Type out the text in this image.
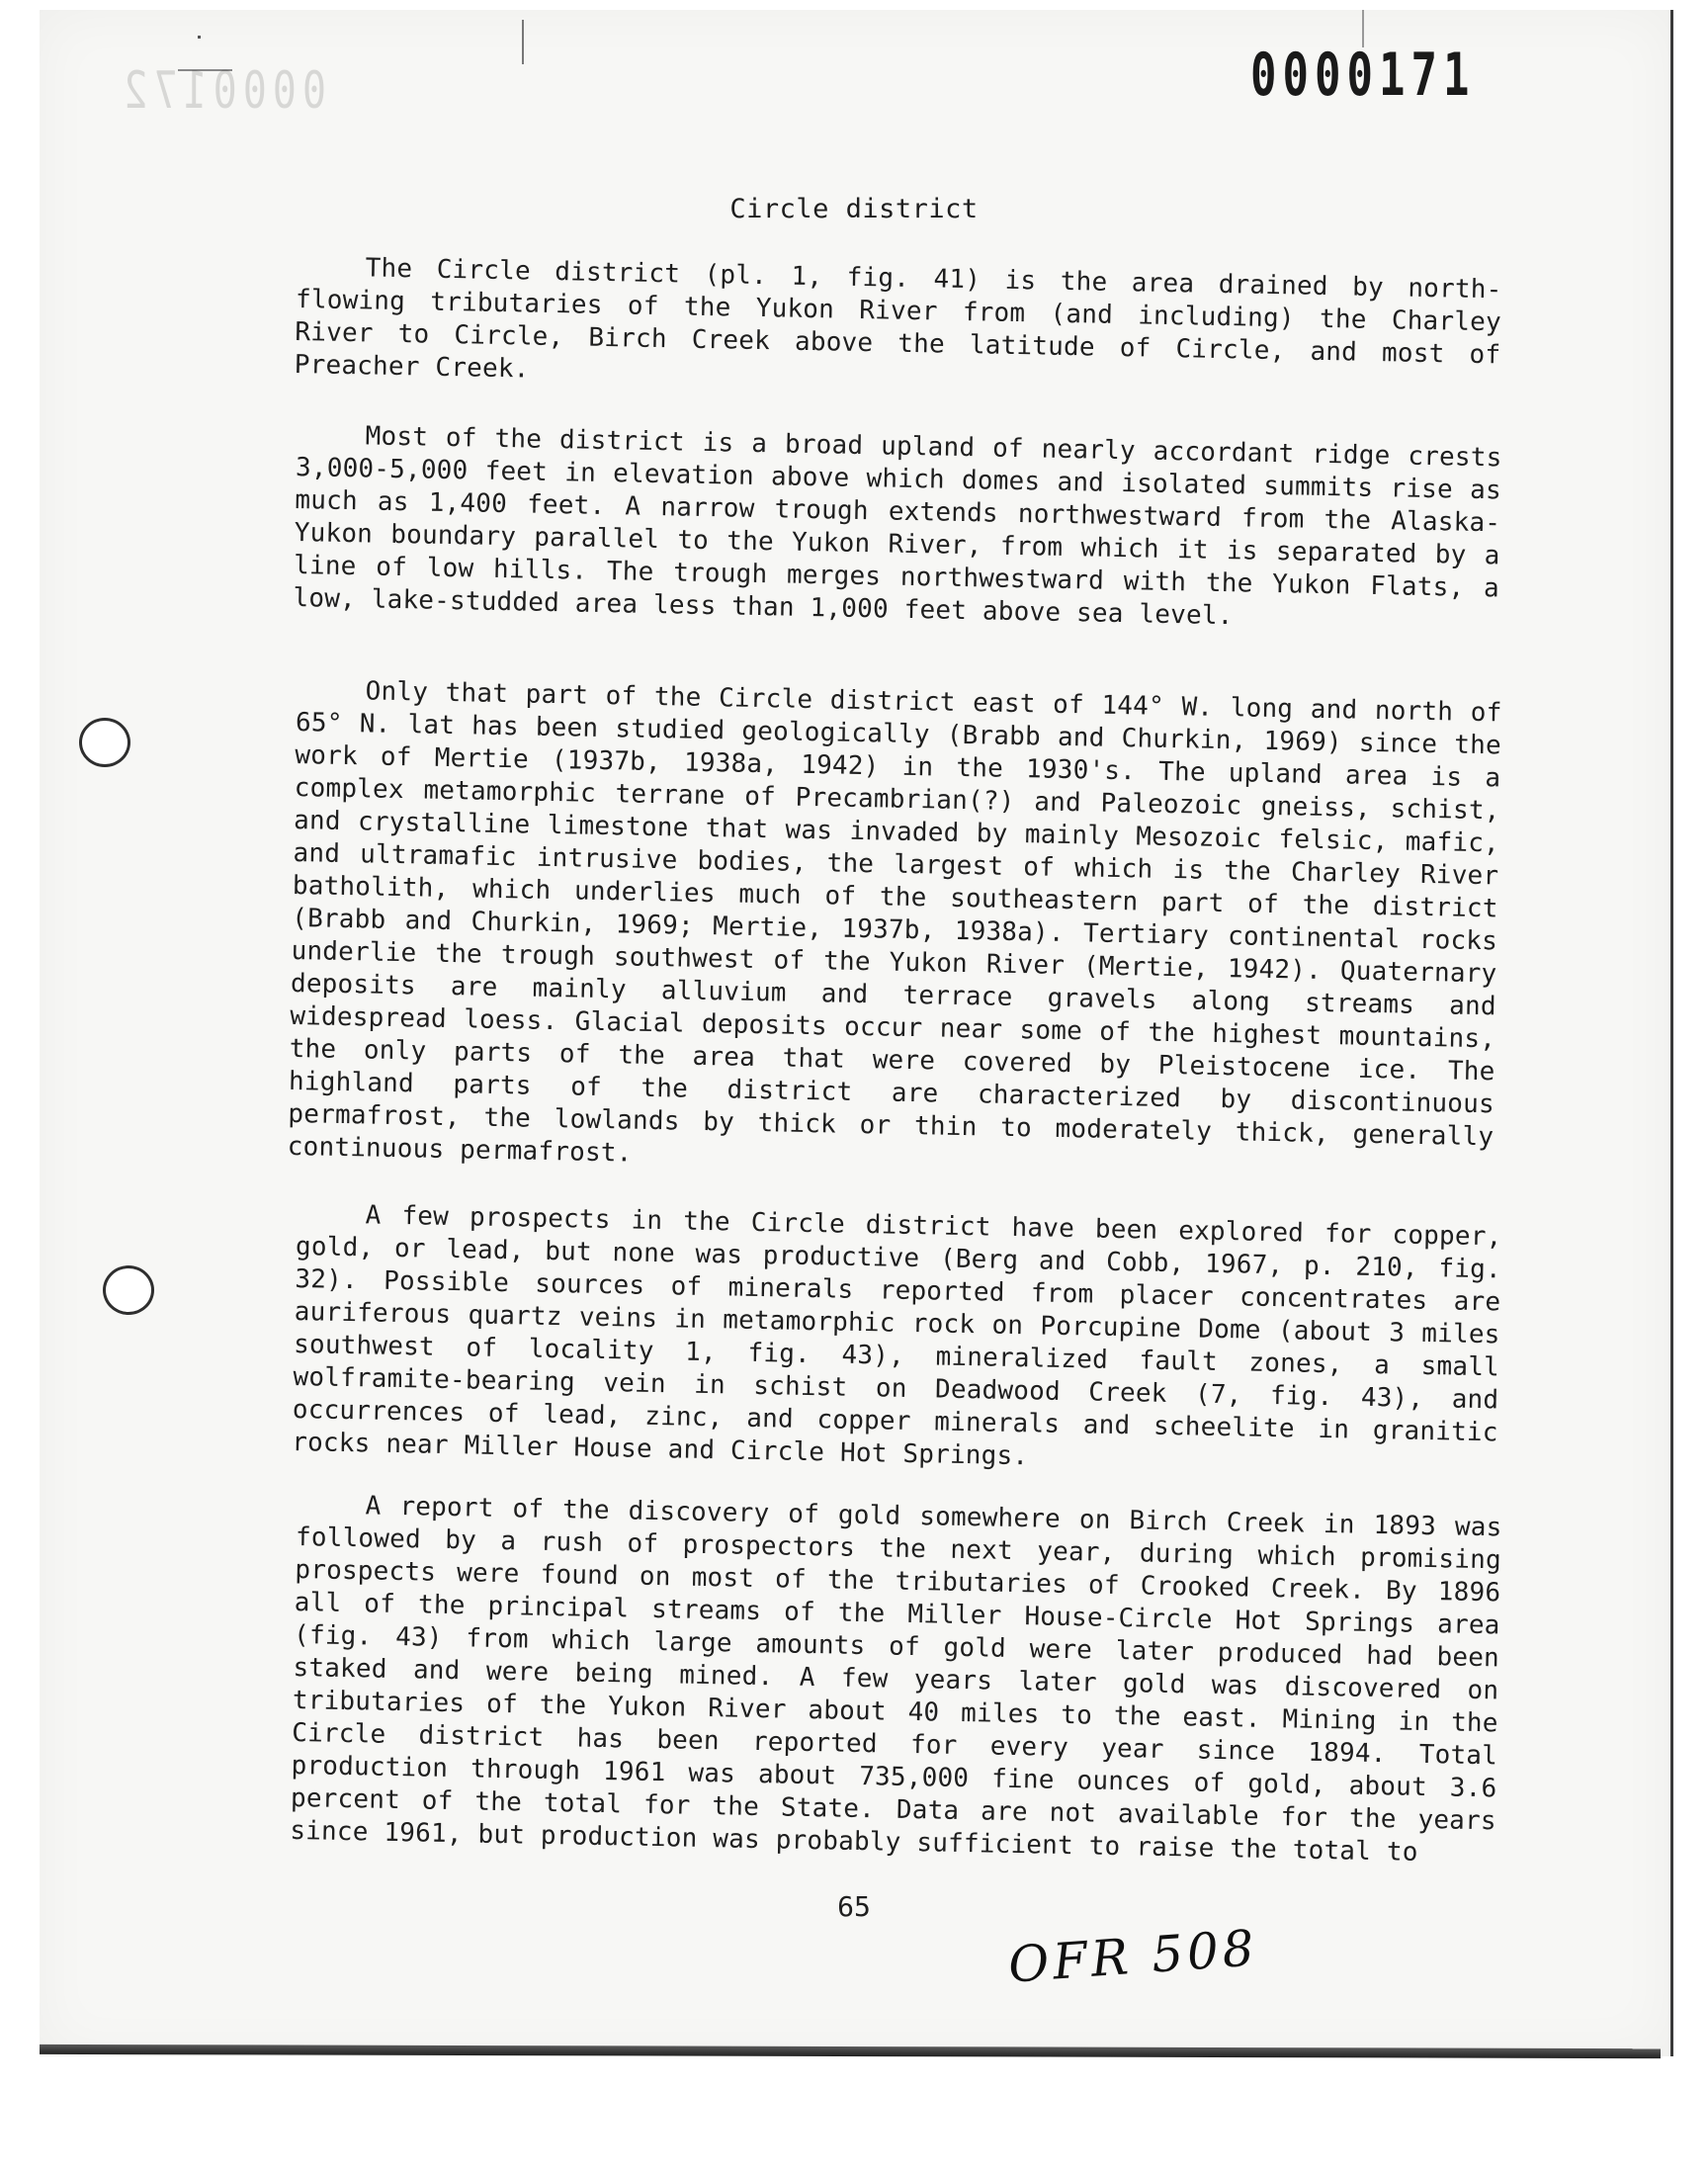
0000172	0000171
Circle district

The Circle district (pl. 1, fig. 41) is the area drained by north-flowing tributaries of the Yukon River from (and including) the Charley River to Circle, Birch Creek above the latitude of Circle, and most of Preacher Creek.

Most of the district is a broad upland of nearly accordant ridge crests 3,000-5,000 feet in elevation above which domes and isolated summits rise as much as 1,400 feet. A narrow trough extends northwestward from the Alaska-Yukon boundary parallel to the Yukon River, from which it is separated by a line of low hills. The trough merges northwestward with the Yukon Flats, a low, lake-studded area less than 1,000 feet above sea level.

Only that part of the Circle district east of 144° W. long and north of 65° N. lat has been studied geologically (Brabb and Churkin, 1969) since the work of Mertie (1937b, 1938a, 1942) in the 1930's. The upland area is a complex metamorphic terrane of Precambrian(?) and Paleozoic gneiss, schist, and crystalline limestone that was invaded by mainly Mesozoic felsic, mafic, and ultramafic intrusive bodies, the largest of which is the Charley River batholith, which underlies much of the southeastern part of the district (Brabb and Churkin, 1969; Mertie, 1937b, 1938a). Tertiary continental rocks underlie the trough southwest of the Yukon River (Mertie, 1942). Quaternary deposits are mainly alluvium and terrace gravels along streams and widespread loess. Glacial deposits occur near some of the highest mountains, the only parts of the area that were covered by Pleistocene ice. The highland parts of the district are characterized by discontinuous permafrost, the lowlands by thick or thin to moderately thick, generally continuous permafrost.

A few prospects in the Circle district have been explored for copper, gold, or lead, but none was productive (Berg and Cobb, 1967, p. 210, fig. 32). Possible sources of minerals reported from placer concentrates are auriferous quartz veins in metamorphic rock on Porcupine Dome (about 3 miles southwest of locality 1, fig. 43), mineralized fault zones, a small wolframite-bearing vein in schist on Deadwood Creek (7, fig. 43), and occurrences of lead, zinc, and copper minerals and scheelite in granitic rocks near Miller House and Circle Hot Springs.

A report of the discovery of gold somewhere on Birch Creek in 1893 was followed by a rush of prospectors the next year, during which promising prospects were found on most of the tributaries of Crooked Creek. By 1896 all of the principal streams of the Miller House-Circle Hot Springs area (fig. 43) from which large amounts of gold were later produced had been staked and were being mined. A few years later gold was discovered on tributaries of the Yukon River about 40 miles to the east. Mining in the Circle district has been reported for every year since 1894. Total production through 1961 was about 735,000 fine ounces of gold, about 3.6 percent of the total for the State. Data are not available for the years since 1961, but production was probably sufficient to raise the total to

65
OFR 508
